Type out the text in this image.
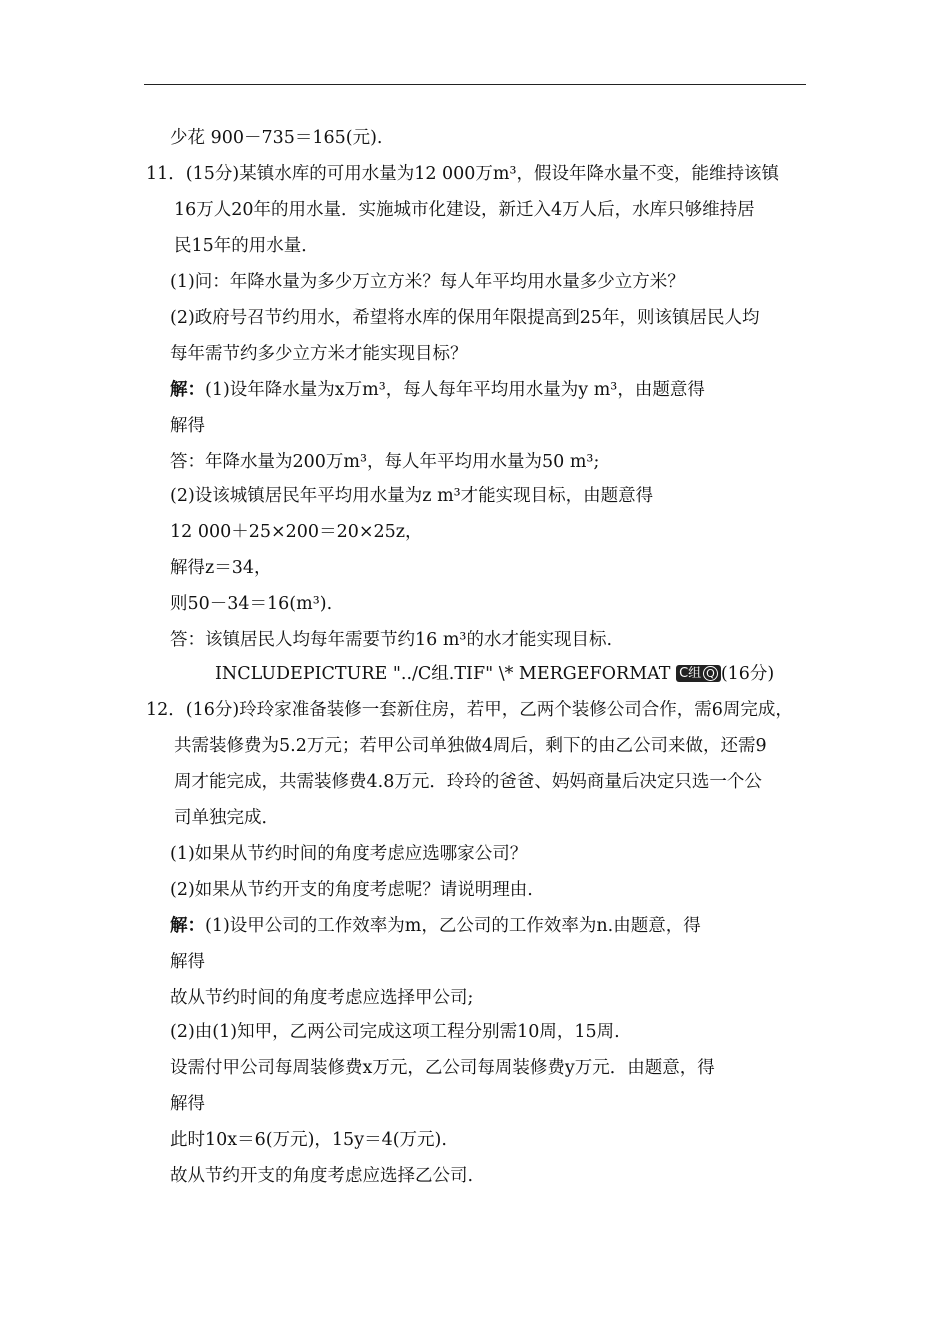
少花 900－735＝165(元).
11．(15分)某镇水库的可用水量为12 000万m³，假设年降水量不变，能维持该镇
16万人20年的用水量．实施城市化建设，新迁入4万人后，水库只够维持居
民15年的用水量．
(1)问：年降水量为多少万立方米？每人年平均用水量多少立方米？
(2)政府号召节约用水，希望将水库的保用年限提高到25年，则该镇居民人均
每年需节约多少立方米才能实现目标？
解：(1)设年降水量为x万m³，每人每年平均用水量为y m³，由题意得
解得
答：年降水量为200万m³，每人年平均用水量为50 m³;
(2)设该城镇居民年平均用水量为z m³才能实现目标，由题意得
12 000＋25×200＝20×25z，
解得z＝34，
则50－34＝16(m³).
答：该镇居民人均每年需要节约16 m³的水才能实现目标.
INCLUDEPICTURE "../C组.TIF" \* MERGEFORMAT C组 Q (16分)
12．(16分)玲玲家准备装修一套新住房，若甲，乙两个装修公司合作，需6周完成，
共需装修费为5.2万元；若甲公司单独做4周后，剩下的由乙公司来做，还需9
周才能完成，共需装修费4.8万元．玲玲的爸爸、妈妈商量后决定只选一个公
司单独完成．
(1)如果从节约时间的角度考虑应选哪家公司？
(2)如果从节约开支的角度考虑呢？请说明理由.
解：(1)设甲公司的工作效率为m，乙公司的工作效率为n.由题意，得
解得
故从节约时间的角度考虑应选择甲公司;
(2)由(1)知甲，乙两公司完成这项工程分别需10周，15周.
设需付甲公司每周装修费x万元，乙公司每周装修费y万元．由题意，得
解得
此时10x＝6(万元)，15y＝4(万元).
故从节约开支的角度考虑应选择乙公司.
